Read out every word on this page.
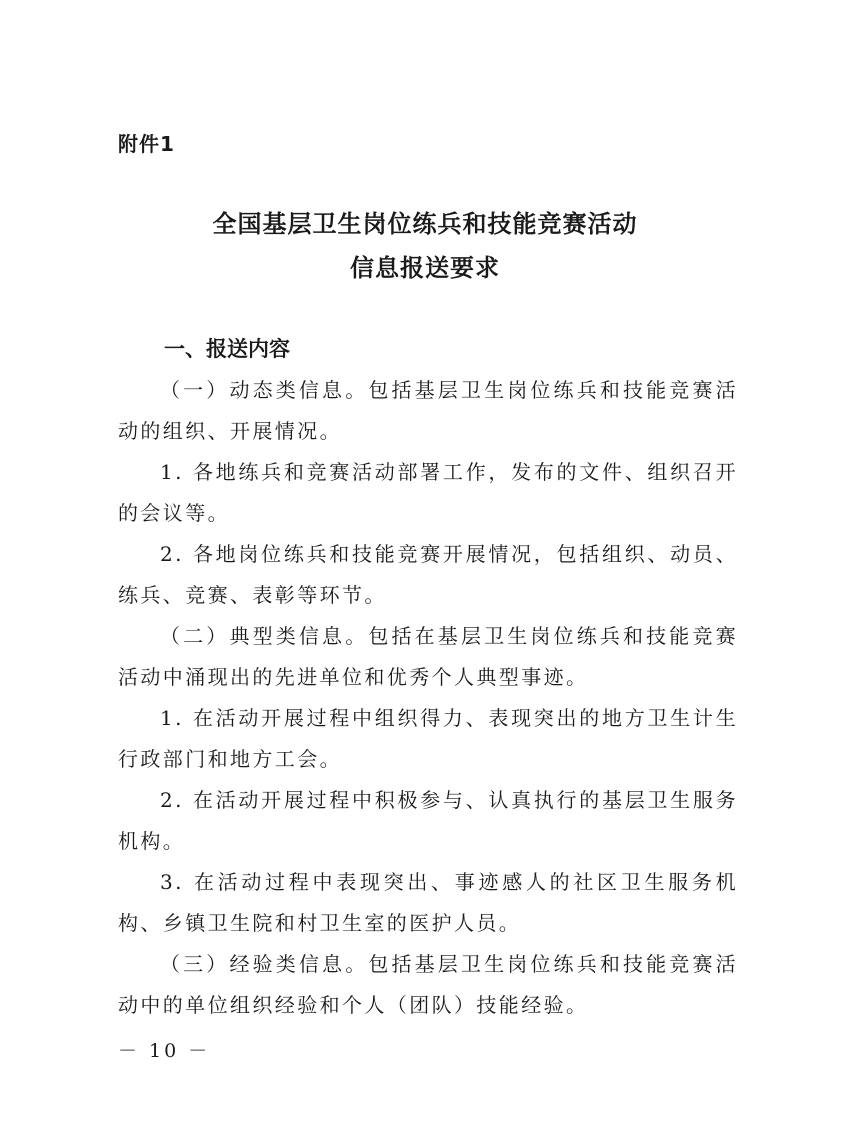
附件1
全国基层卫生岗位练兵和技能竞赛活动
信息报送要求
一、报送内容

（一）动态类信息。包括基层卫生岗位练兵和技能竞赛活动的组织、开展情况。

1. 各地练兵和竞赛活动部署工作，发布的文件、组织召开的会议等。

2. 各地岗位练兵和技能竞赛开展情况，包括组织、动员、练兵、竞赛、表彰等环节。

（二）典型类信息。包括在基层卫生岗位练兵和技能竞赛活动中涌现出的先进单位和优秀个人典型事迹。

1. 在活动开展过程中组织得力、表现突出的地方卫生计生行政部门和地方工会。

2. 在活动开展过程中积极参与、认真执行的基层卫生服务机构。

3. 在活动过程中表现突出、事迹感人的社区卫生服务机构、乡镇卫生院和村卫生室的医护人员。

（三）经验类信息。包括基层卫生岗位练兵和技能竞赛活动中的单位组织经验和个人（团队）技能经验。

－ 10 －
